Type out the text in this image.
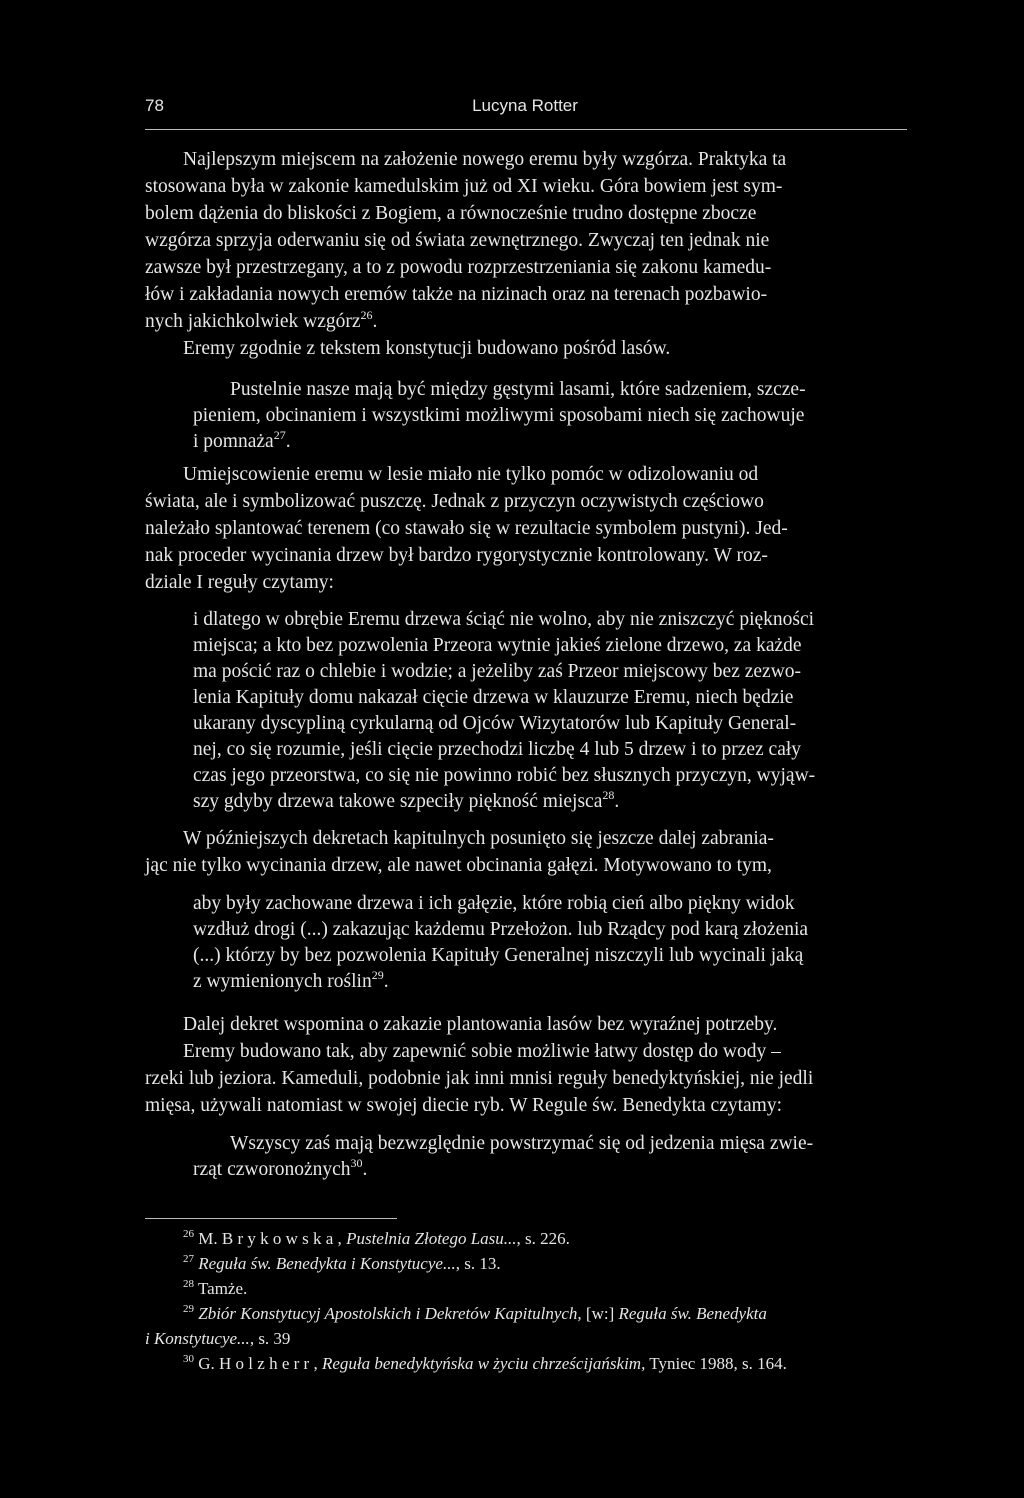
78	Lucyna Rotter
Najlepszym miejscem na założenie nowego eremu były wzgórza. Praktyka ta
stosowana była w zakonie kamedulskim już od XI wieku. Góra bowiem jest sym-
bolem dążenia do bliskości z Bogiem, a równocześnie trudno dostępne zbocze
wzgórza sprzyja oderwaniu się od świata zewnętrznego. Zwyczaj ten jednak nie
zawsze był przestrzegany, a to z powodu rozprzestrzeniania się zakonu kamedu-
łów i zakładania nowych eremów także na nizinach oraz na terenach pozbawio-
nych jakichkolwiek wzgórz$^{26}$.
Eremy zgodnie z tekstem konstytucji budowano pośród lasów.
Pustelnie nasze mają być między gęstymi lasami, które sadzeniem, szcze-
pieniem, obcinaniem i wszystkimi możliwymi sposobami niech się zachowuje
i pomnaża$^{27}$.
Umiejscowienie eremu w lesie miało nie tylko pomóc w odizolowaniu od
świata, ale i symbolizować puszczę. Jednak z przyczyn oczywistych częściowo
należało splantować terenem (co stawało się w rezultacie symbolem pustyni). Jed-
nak proceder wycinania drzew był bardzo rygorystycznie kontrolowany. W roz-
dziale I reguły czytamy:
i dlatego w obrębie Eremu drzewa ściąć nie wolno, aby nie zniszczyć piękności
miejsca; a kto bez pozwolenia Przeora wytnie jakieś zielone drzewo, za każde
ma pościć raz o chlebie i wodzie; a jeżeliby zaś Przeor miejscowy bez zezwo-
lenia Kapituły domu nakazał cięcie drzewa w klauzurze Eremu, niech będzie
ukarany dyscypliną cyrkularną od Ojców Wizytatorów lub Kapituły General-
nej, co się rozumie, jeśli cięcie przechodzi liczbę 4 lub 5 drzew i to przez cały
czas jego przeorstwa, co się nie powinno robić bez słusznych przyczyn, wyjąw-
szy gdyby drzewa takowe szpeciły piękność miejsca$^{28}$.
W późniejszych dekretach kapitulnych posunięto się jeszcze dalej zabrania-
jąc nie tylko wycinania drzew, ale nawet obcinania gałęzi. Motywowano to tym,
aby były zachowane drzewa i ich gałęzie, które robią cień albo piękny widok
wzdłuż drogi (...) zakazując każdemu Przełożon. lub Rządcy pod karą złożenia
(...) którzy by bez pozwolenia Kapituły Generalnej niszczyli lub wycinali jaką
z wymienionych roślin$^{29}$.
Dalej dekret wspomina o zakazie plantowania lasów bez wyraźnej potrzeby.
Eremy budowano tak, aby zapewnić sobie możliwie łatwy dostęp do wody –
rzeki lub jeziora. Kameduli, podobnie jak inni mnisi reguły benedyktyńskiej, nie jedli
mięsa, używali natomiast w swojej diecie ryb. W Regule św. Benedykta czytamy:
Wszyscy zaś mają bezwzględnie powstrzymać się od jedzenia mięsa zwie-
rząt czworonożnych$^{30}$.
$^{26}$ M. B r y k o w s k a , Pustelnia Złotego Lasu..., s. 226.
$^{27}$ Reguła św. Benedykta i Konstytucye..., s. 13.
$^{28}$ Tamże.
$^{29}$ Zbiór Konstytucyj Apostolskich i Dekretów Kapitulnych, [w:] Reguła św. Benedykta
i Konstytucye..., s. 39
$^{30}$ G. H o l z h e r r , Reguła benedyktyńska w życiu chrześcijańskim, Tyniec 1988, s. 164.
